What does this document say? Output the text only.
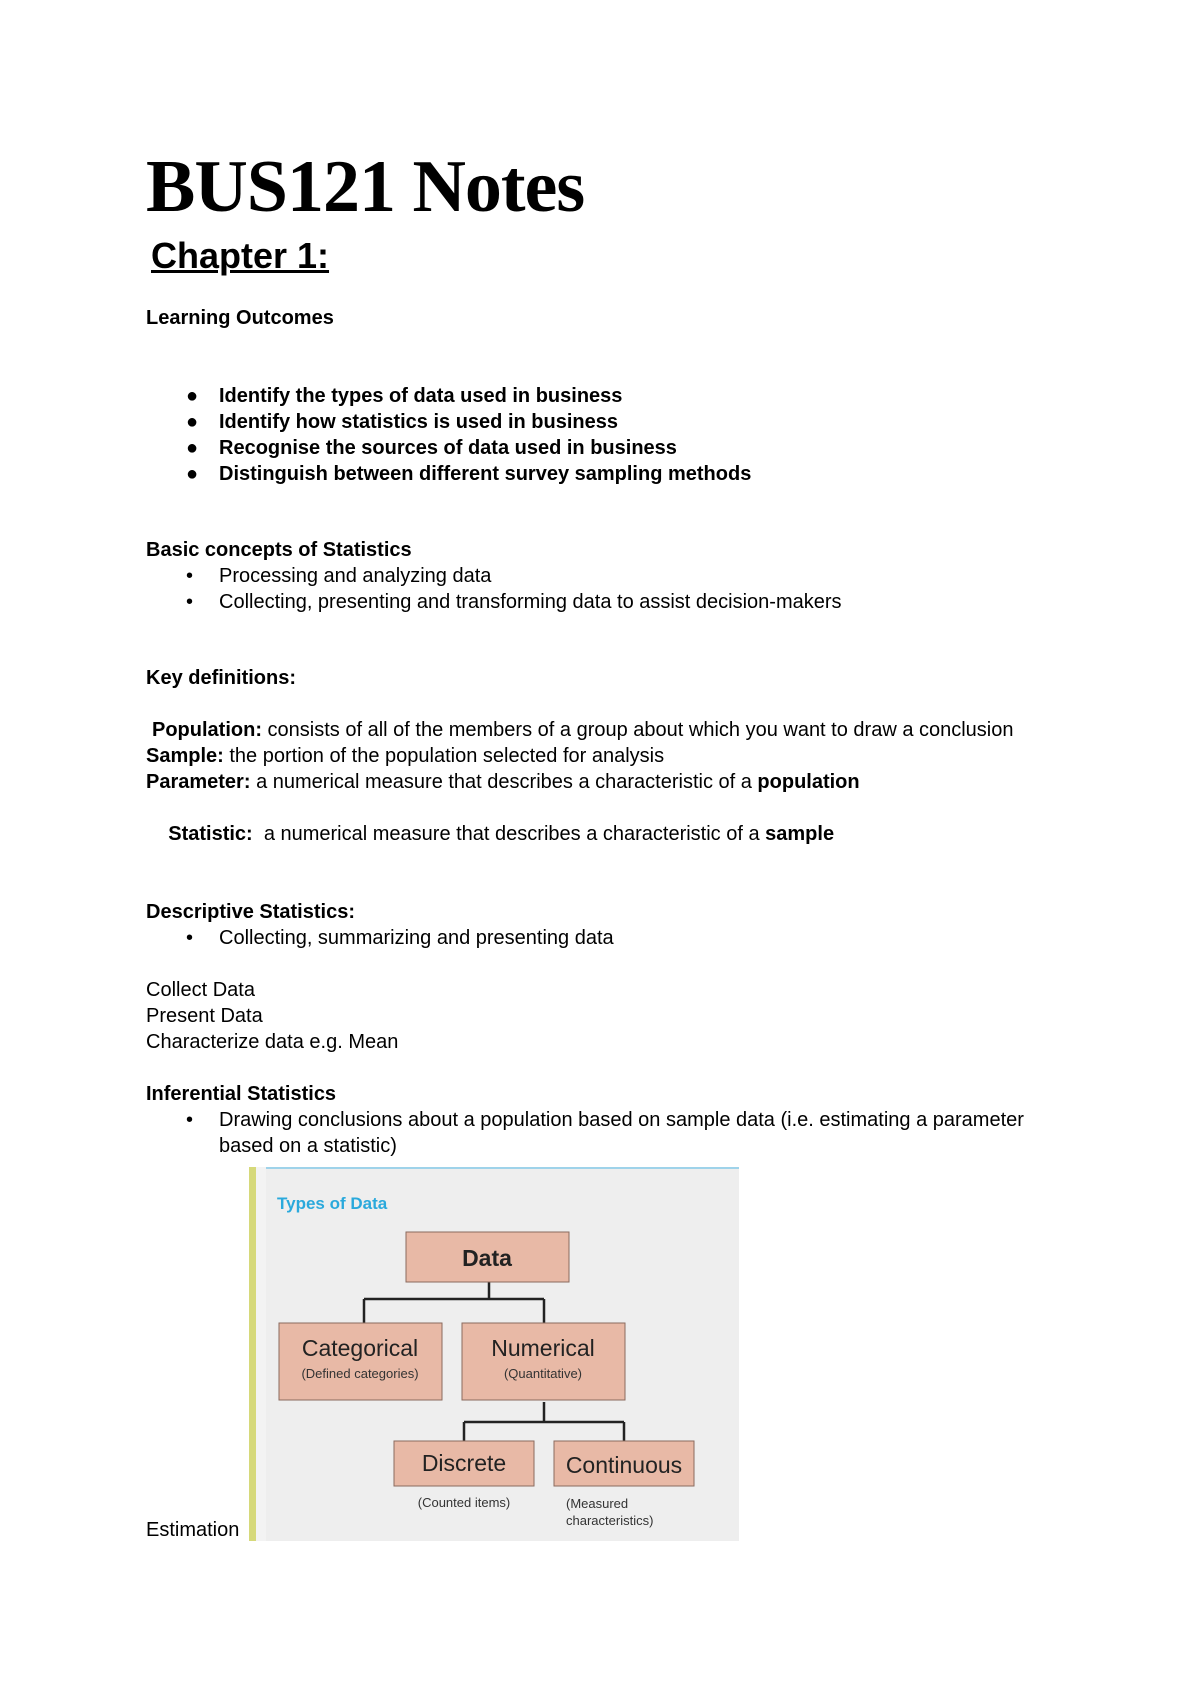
BUS121 Notes
Chapter 1:
Learning Outcomes
● Identify the types of data used in business
● Identify how statistics is used in business
● Recognise the sources of data used in business
● Distinguish between different survey sampling methods
Basic concepts of Statistics
• Processing and analyzing data
• Collecting, presenting and transforming data to assist decision-makers
Key definitions:
Population: consists of all of the members of a group about which you want to draw a conclusion
Sample: the portion of the population selected for analysis
Parameter: a numerical measure that describes a characteristic of a population

Statistic:  a numerical measure that describes a characteristic of a sample

Descriptive Statistics:
• Collecting, summarizing and presenting data
Collect Data
Present Data
Characterize data e.g. Mean
Inferential Statistics
• Drawing conclusions about a population based on sample data (i.e. estimating a parameter based on a statistic)
Estimation
Types of Data
Data
Categorical
(Defined categories)
Numerical
(Quantitative)
Discrete
(Counted items)
Continuous
(Measured
characteristics)
